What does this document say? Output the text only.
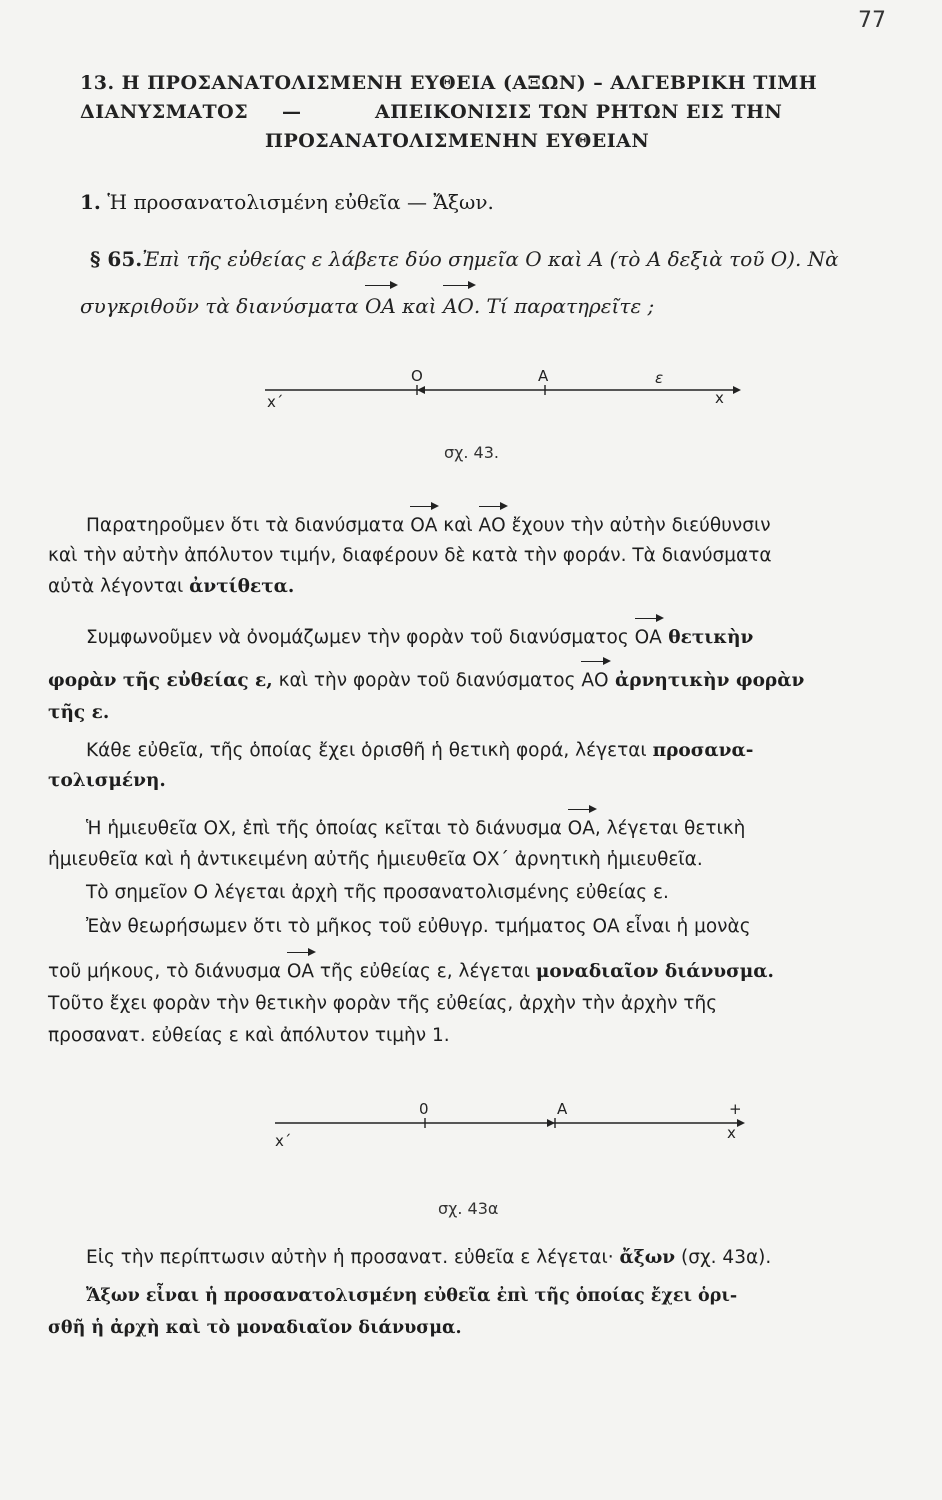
77
13. Η ΠΡΟΣΑΝΑΤΟΛΙΣΜΕΝΗ ΕΥΘΕΙΑ (ΑΞΩΝ) – ΑΛΓΕΒΡΙΚΗ ΤΙΜΗ
ΔΙΑΝΥΣΜΑΤΟΣ —	ΑΠΕΙΚΟΝΙΣΙΣ ΤΩΝ ΡΗΤΩΝ ΕΙΣ ΤΗΝ
ΠΡΟΣΑΝΑΤΟΛΙΣΜΕΝΗΝ ΕΥΘΕΙΑΝ
1. Ἡ προσανατολισμένη εὐθεῖα — Ἄξων.
§ 65.Ἐπὶ τῆς εὐθείας ε λάβετε δύο σημεῖα Ο καὶ Α (τὸ Α δεξιὰ τοῦ Ο). Νὰ
συγκριθοῦν τὰ διανύσματα ΟΑ καὶ ΑΟ. Τί παρατηρεῖτε ;
O	A	ε
x΄	x
σχ. 43.
Παρατηροῦμεν ὅτι τὰ διανύσματα ΟΑ καὶ ΑΟ ἔχουν τὴν αὐτὴν διεύθυνσιν
καὶ τὴν αὐτὴν ἀπόλυτον τιμήν, διαφέρουν δὲ κατὰ τὴν φοράν. Τὰ διανύσματα
αὐτὰ λέγονται ἀντίθετα.
Συμφωνοῦμεν νὰ ὀνομάζωμεν τὴν φορὰν τοῦ διανύσματος ΟΑ θετικὴν
φορὰν τῆς εὐθείας ε, καὶ τὴν φορὰν τοῦ διανύσματος ΑΟ ἀρνητικὴν φορὰν
τῆς ε.
Κάθε εὐθεῖα, τῆς ὁποίας ἔχει ὁρισθῆ ἡ θετικὴ φορά, λέγεται προσανα-
τολισμένη.
Ἡ ἡμιευθεῖα ΟΧ, ἐπὶ τῆς ὁποίας κεῖται τὸ διάνυσμα ΟΑ, λέγεται θετικὴ
ἡμιευθεῖα καὶ ἡ ἀντικειμένη αὐτῆς ἡμιευθεῖα ΟΧ΄ ἀρνητικὴ ἡμιευθεῖα.
Τὸ σημεῖον Ο λέγεται ἀρχὴ τῆς προσανατολισμένης εὐθείας ε.
Ἐὰν θεωρήσωμεν ὅτι τὸ μῆκος τοῦ εὐθυγρ. τμήματος ΟΑ εἶναι ἡ μονὰς
τοῦ μήκους, τὸ διάνυσμα ΟΑ τῆς εὐθείας ε, λέγεται μοναδιαῖον διάνυσμα.
Τοῦτο ἔχει φορὰν τὴν θετικὴν φορὰν τῆς εὐθείας, ἀρχὴν τὴν ἀρχὴν τῆς
προσανατ. εὐθείας ε καὶ ἀπόλυτον τιμὴν 1.
0	A	+
x΄	x
σχ. 43α
Εἰς τὴν περίπτωσιν αὐτὴν ἡ προσανατ. εὐθεῖα ε λέγεται· ἄξων (σχ. 43α).
Ἄξων εἶναι ἡ προσανατολισμένη εὐθεῖα ἐπὶ τῆς ὁποίας ἔχει ὁρι-
σθῆ ἡ ἀρχὴ καὶ τὸ μοναδιαῖον διάνυσμα.
